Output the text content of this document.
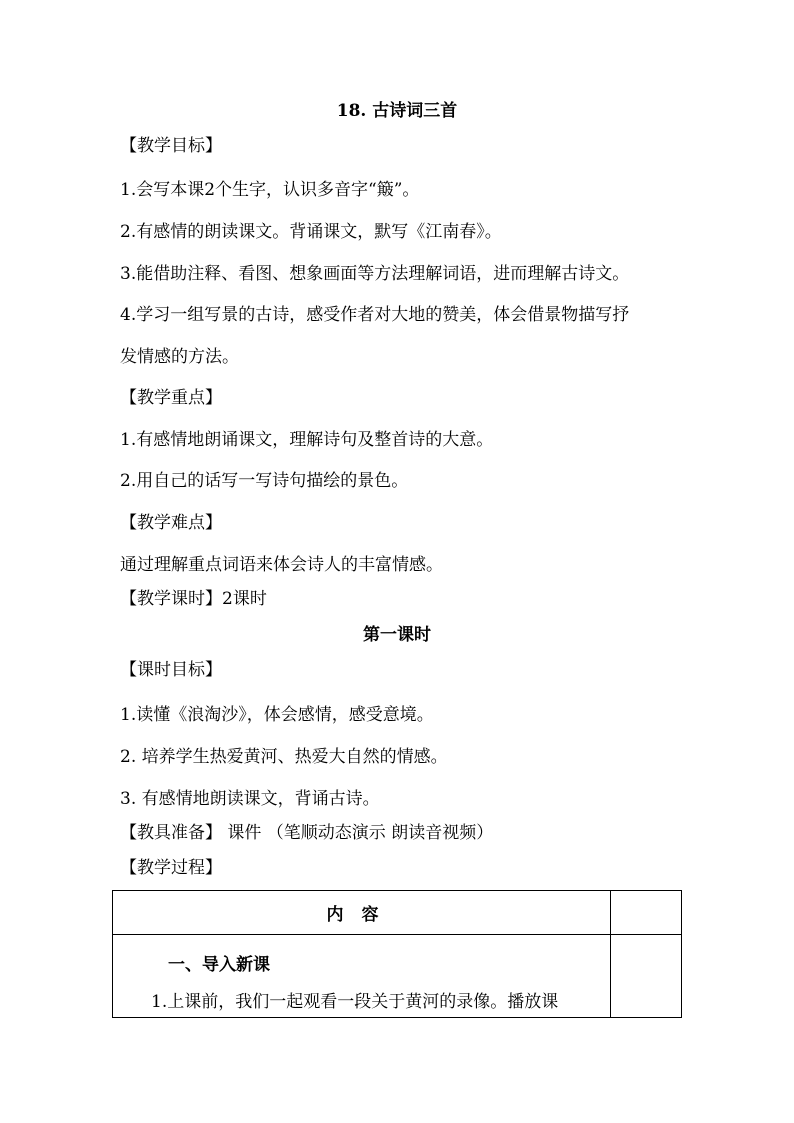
18. 古诗词三首
【教学目标】
1.会写本课2个生字，认识多音字“簸”。
2.有感情的朗读课文。背诵课文，默写《江南春》。
3.能借助注释、看图、想象画面等方法理解词语，进而理解古诗文。
4.学习一组写景的古诗，感受作者对大地的赞美，体会借景物描写抒
发情感的方法。
【教学重点】
1.有感情地朗诵课文，理解诗句及整首诗的大意。
2.用自己的话写一写诗句描绘的景色。
【教学难点】
通过理解重点词语来体会诗人的丰富情感。
【教学课时】2课时
第一课时
【课时目标】
1.读懂《浪淘沙》，体会感情，感受意境。
2. 培养学生热爱黄河、热爱大自然的情感。
3. 有感情地朗读课文，背诵古诗。
【教具准备】 课件 （笔顺动态演示 朗读音视频）
【教学过程】
内容	

一、导入新课
1.上课前，我们一起观看一段关于黄河的录像。播放课	
